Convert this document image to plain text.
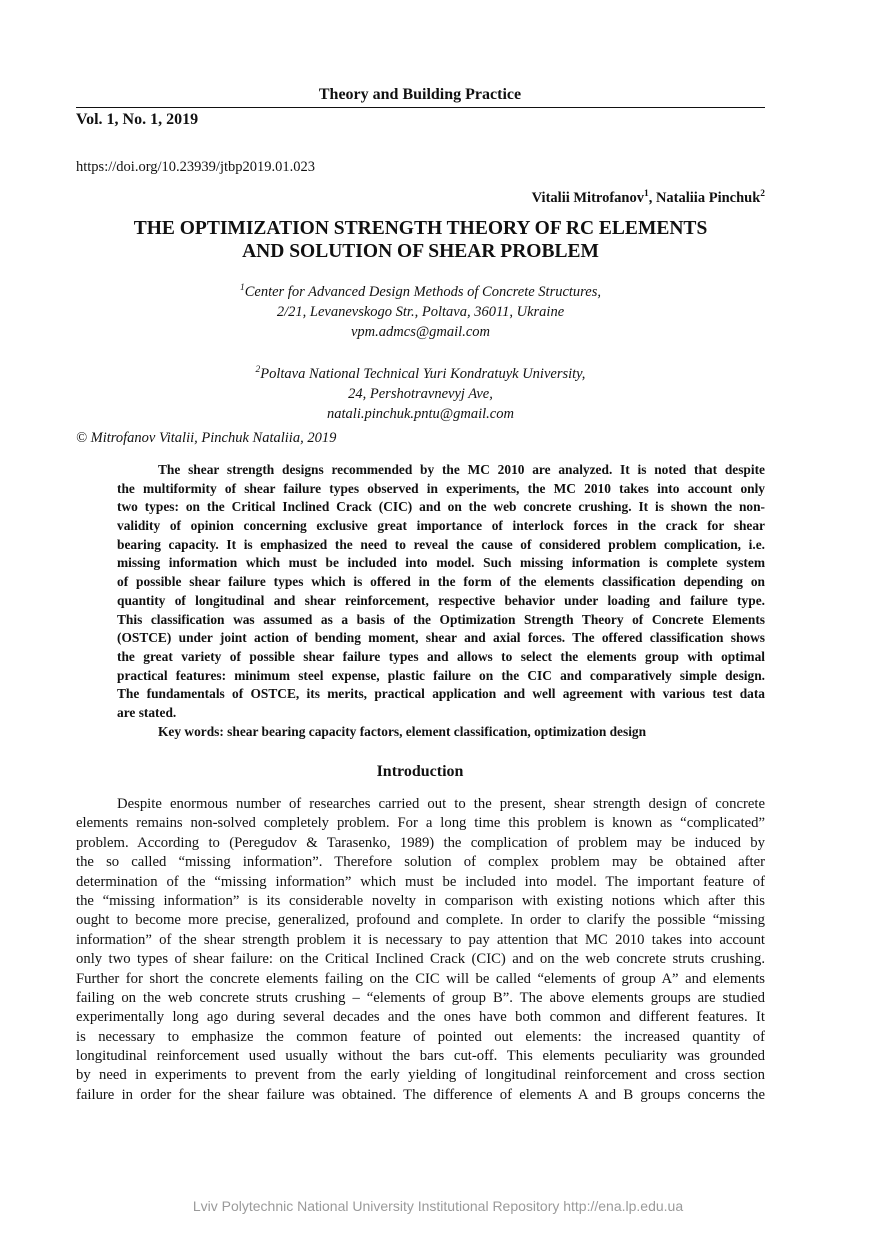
Theory and Building Practice
Vol. 1, No. 1, 2019
https://doi.org/10.23939/jtbp2019.01.023
Vitalii Mitrofanov$^1$, Nataliia Pinchuk$^2$
THE OPTIMIZATION STRENGTH THEORY OF RC ELEMENTS
AND SOLUTION OF SHEAR PROBLEM
$^1$Center for Advanced Design Methods of Concrete Structures,
2/21, Levanevskogo Str., Poltava, 36011, Ukraine
vpm.admcs@gmail.com
$^2$Poltava National Technical Yuri Kondratuyk University,
24, Pershotravnevyj Ave,
natali.pinchuk.pntu@gmail.com
© Mitrofanov Vitalii, Pinchuk Nataliia, 2019
The shear strength designs recommended by the MC 2010 are analyzed. It is noted that despite
the multiformity of shear failure types observed in experiments, the MC 2010 takes into account only
two types: on the Critical Inclined Crack (CIC) and on the web concrete crushing. It is shown the non-
validity of opinion concerning exclusive great importance of interlock forces in the crack for shear
bearing capacity. It is emphasized the need to reveal the cause of considered problem complication, i.e.
missing information which must be included into model. Such missing information is complete system
of possible shear failure types which is offered in the form of the elements classification depending on
quantity of longitudinal and shear reinforcement, respective behavior under loading and failure type.
This classification was assumed as a basis of the Optimization Strength Theory of Concrete Elements
(OSTCE) under joint action of bending moment, shear and axial forces. The offered classification shows
the great variety of possible shear failure types and allows to select the elements group with optimal
practical features: minimum steel expense, plastic failure on the CIC and comparatively simple design.
The fundamentals of OSTCE, its merits, practical application and well agreement with various test data
are stated.
Key words: shear bearing capacity factors, element classification, optimization design
Introduction
Despite enormous number of researches carried out to the present, shear strength design of concrete
elements remains non-solved completely problem. For a long time this problem is known as “complicated”
problem. According to (Peregudov & Tarasenko, 1989) the complication of problem may be induced by
the so called “missing information”. Therefore solution of complex problem may be obtained after
determination of the “missing information” which must be included into model. The important feature of
the “missing information” is its considerable novelty in comparison with existing notions which after this
ought to become more precise, generalized, profound and complete. In order to clarify the possible “missing
information” of the shear strength problem it is necessary to pay attention that MC 2010 takes into account
only two types of shear failure: on the Critical Inclined Crack (CIC) and on the web concrete struts crushing.
Further for short the concrete elements failing on the CIC will be called “elements of group A” and elements
failing on the web concrete struts crushing – “elements of group B”. The above elements groups are studied
experimentally long ago during several decades and the ones have both common and different features. It
is necessary to emphasize the common feature of pointed out elements: the increased quantity of
longitudinal reinforcement used usually without the bars cut-off. This elements peculiarity was grounded
by need in experiments to prevent from the early yielding of longitudinal reinforcement and cross section
failure in order for the shear failure was obtained. The difference of elements A and B groups concerns the
Lviv Polytechnic National University Institutional Repository http://ena.lp.edu.ua
